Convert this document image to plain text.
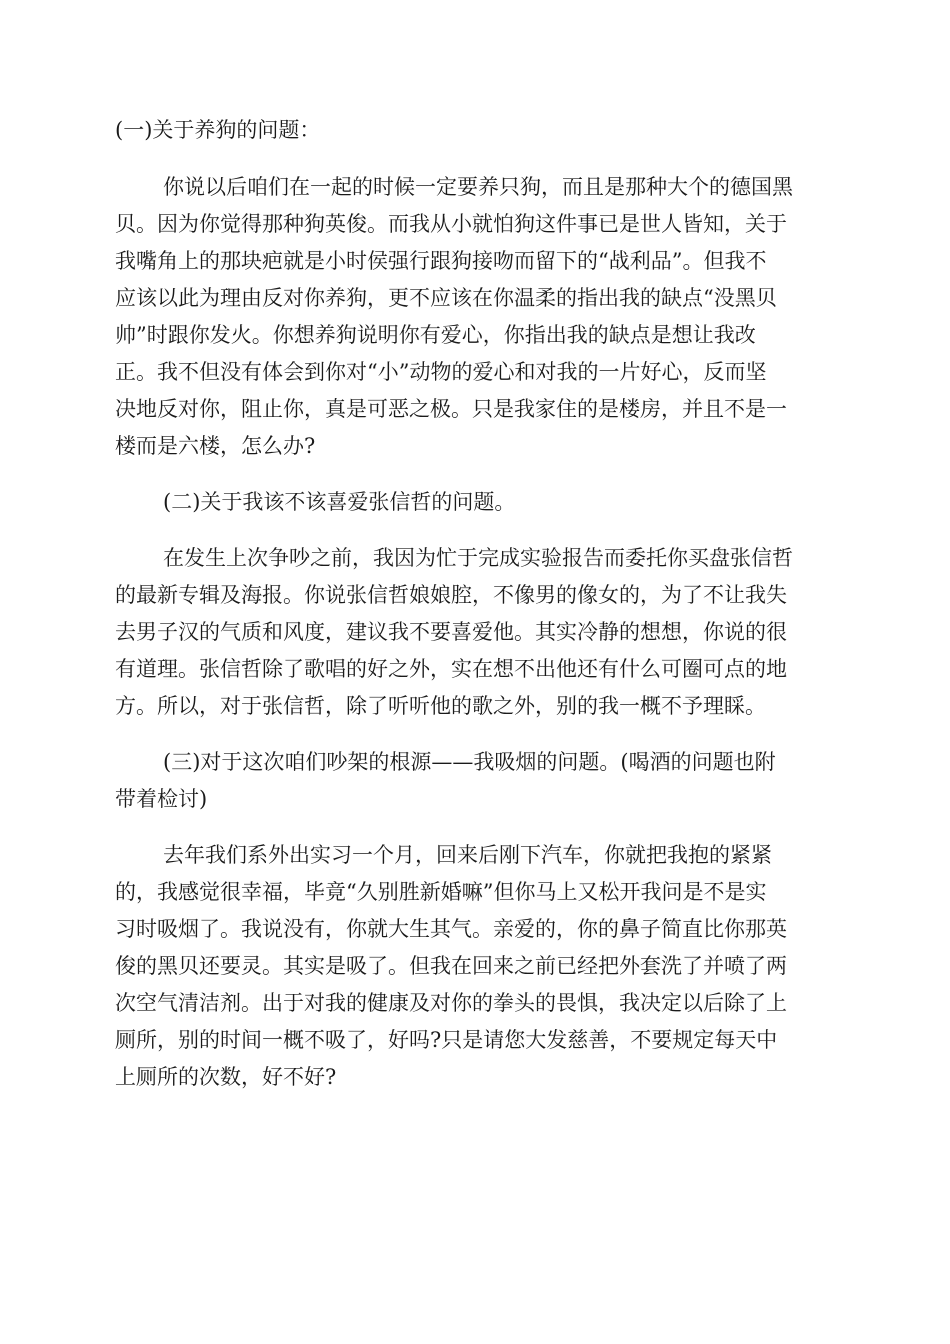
(一)关于养狗的问题：
你说以后咱们在一起的时候一定要养只狗，而且是那种大个的德国黑
贝。因为你觉得那种狗英俊。而我从小就怕狗这件事已是世人皆知，关于
我嘴角上的那块疤就是小时侯强行跟狗接吻而留下的“战利品”。但我不
应该以此为理由反对你养狗，更不应该在你温柔的指出我的缺点“没黑贝
帅”时跟你发火。你想养狗说明你有爱心，你指出我的缺点是想让我改
正。我不但没有体会到你对“小”动物的爱心和对我的一片好心，反而坚
决地反对你，阻止你，真是可恶之极。只是我家住的是楼房，并且不是一
楼而是六楼，怎么办?
(二)关于我该不该喜爱张信哲的问题。
在发生上次争吵之前，我因为忙于完成实验报告而委托你买盘张信哲
的最新专辑及海报。你说张信哲娘娘腔，不像男的像女的，为了不让我失
去男子汉的气质和风度，建议我不要喜爱他。其实冷静的想想，你说的很
有道理。张信哲除了歌唱的好之外，实在想不出他还有什么可圈可点的地
方。所以，对于张信哲，除了听听他的歌之外，别的我一概不予理睬。
(三)对于这次咱们吵架的根源——我吸烟的问题。(喝酒的问题也附
带着检讨)
去年我们系外出实习一个月，回来后刚下汽车，你就把我抱的紧紧
的，我感觉很幸福，毕竟“久别胜新婚嘛”但你马上又松开我问是不是实
习时吸烟了。我说没有，你就大生其气。亲爱的，你的鼻子简直比你那英
俊的黑贝还要灵。其实是吸了。但我在回来之前已经把外套洗了并喷了两
次空气清洁剂。出于对我的健康及对你的拳头的畏惧，我决定以后除了上
厕所，别的时间一概不吸了，好吗?只是请您大发慈善，不要规定每天中
上厕所的次数，好不好?
